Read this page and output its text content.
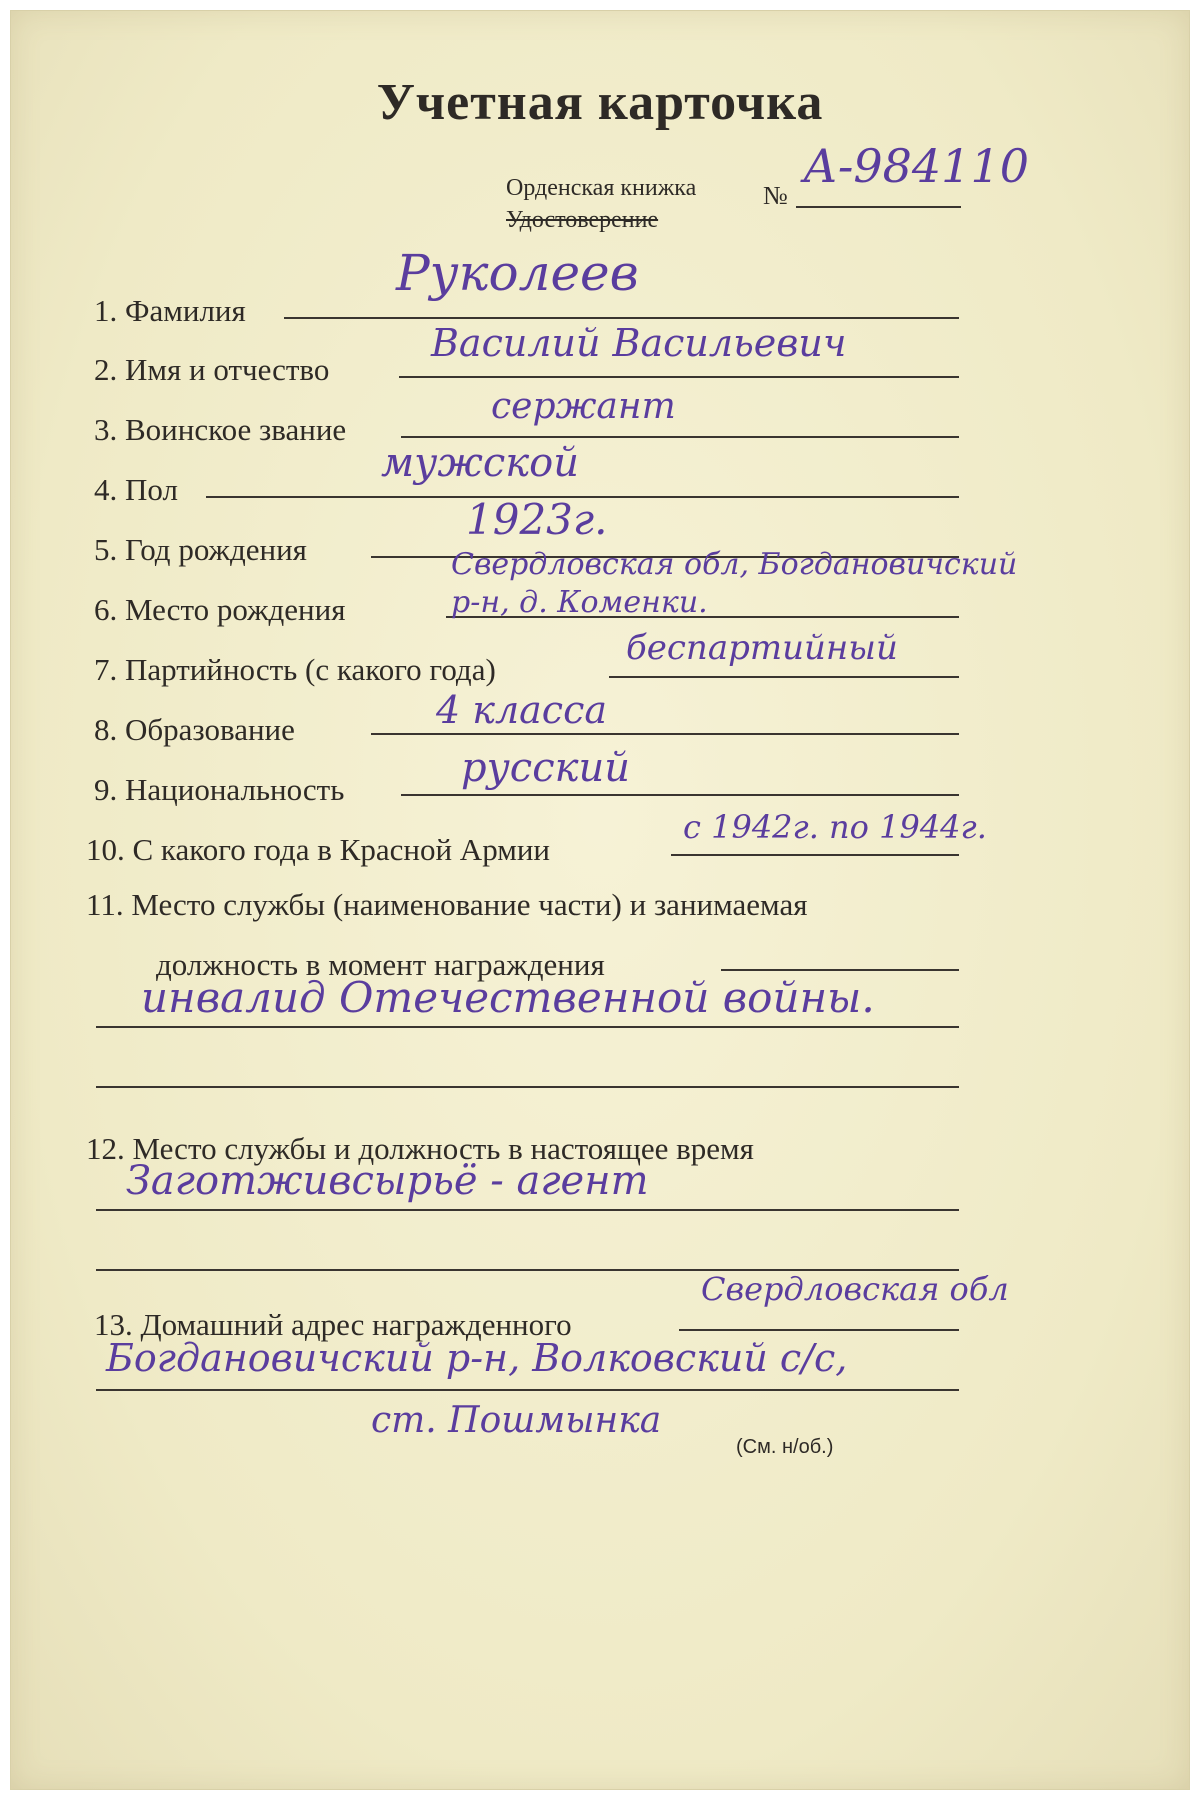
Учетная карточка
Орденская книжка
Удостоверение
№
А-984110
1. Фамилия
Руколеев
2. Имя и отчество
Василий Васильевич
3. Воинское звание
сержант
4. Пол
мужской
5. Год рождения
1923г.
6. Место рождения
Свердловская обл, Богдановичский р-н, д. Коменки.
7. Партийность (с какого года)
беспартийный
8. Образование	4 класса
9. Национальность	русский
10. С какого года в Красной Армии
с 1942г. по 1944г.
11. Место службы (наименование части) и занимаемая
должность в момент награждения
инвалид Отечественной войны.
12. Место службы и должность в настоящее время
Заготживсырьё - агент
13. Домашний адрес награжденного
Свердловская обл
Богдановичский р-н, Волковский с/с,
ст. Пошмынка
(См. н/об.)
